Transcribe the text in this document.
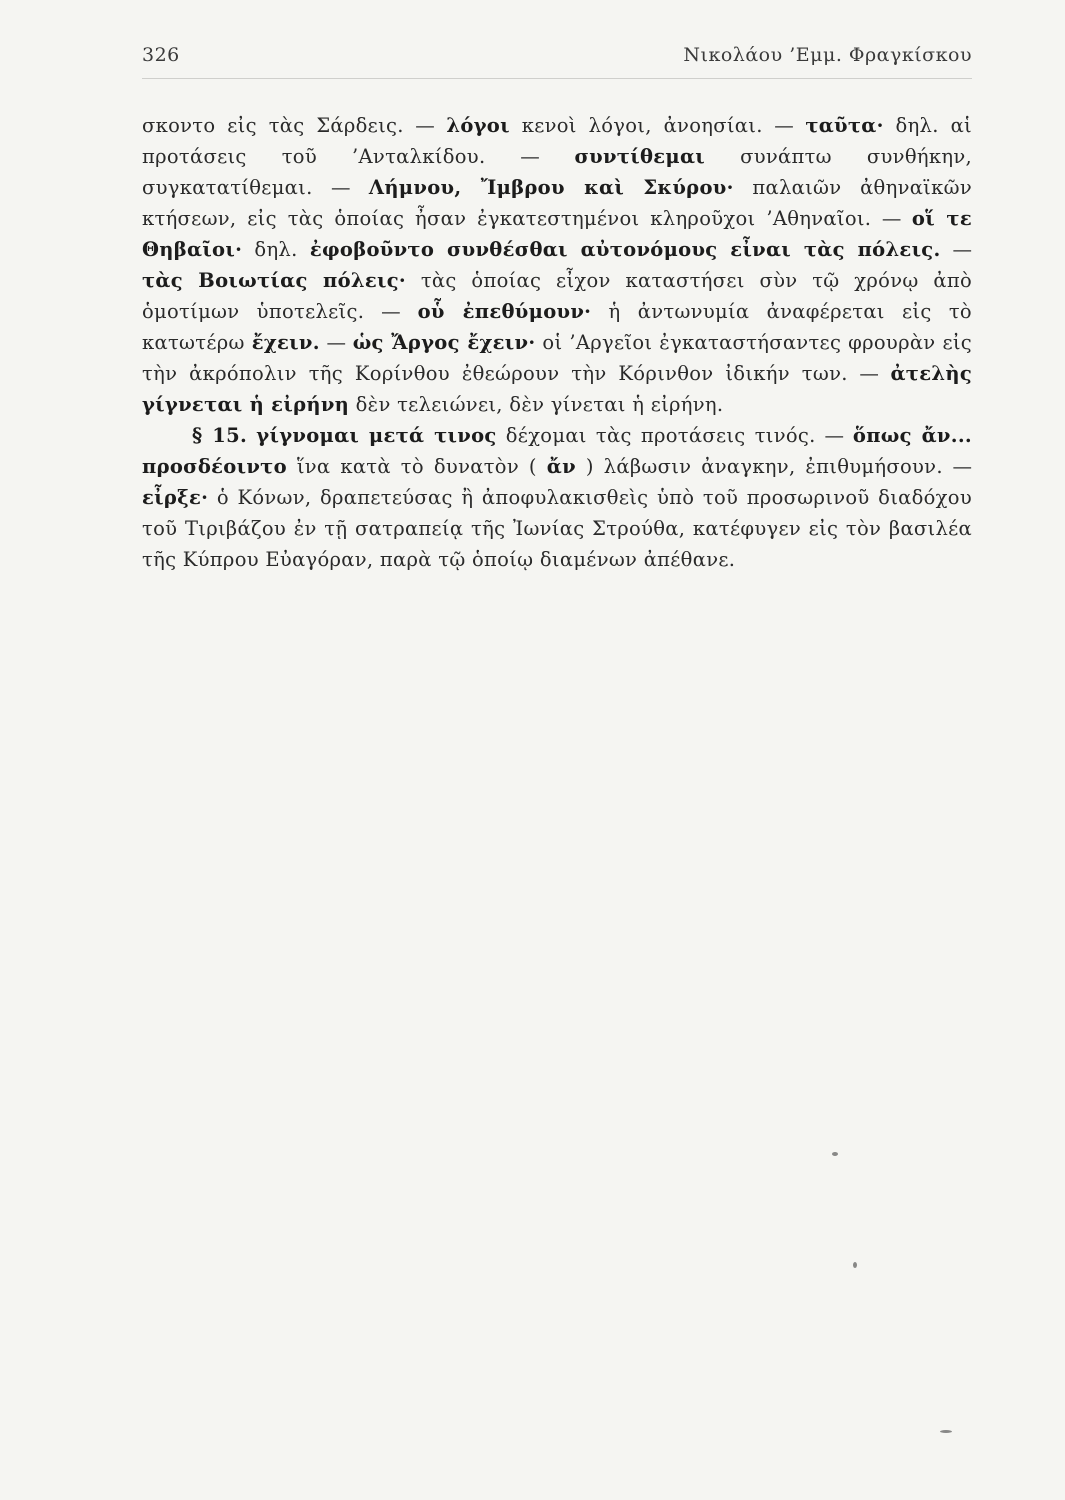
326	Νικολάου ’Εμμ. Φραγκίσκου

σκοντο εἰς τὰς Σάρδεις. — λόγοι κενοὶ λόγοι, ἀνοησίαι. — ταῦτα· δηλ. αἱ προτάσεις τοῦ ’Ανταλκίδου. — συντίθεμαι συνάπτω συνθήκην, συγκατατίθεμαι. — Λήμνου, Ἴμβρου καὶ Σκύρου· παλαιῶν ἀθηναϊκῶν κτήσεων, εἰς τὰς ὁποίας ἦσαν ἐγκατεστημένοι κληροῦχοι ’Αθηναῖοι. — οἵ τε Θηβαῖοι· δηλ. ἐφοβοῦντο συνθέσθαι αὐτονόμους εἶναι τὰς πόλεις. — τὰς Βοιωτίας πόλεις· τὰς ὁποίας εἶχον καταστήσει σὺν τῷ χρόνῳ ἀπὸ ὁμοτίμων ὑποτελεῖς. — οὗ ἐπεθύμουν· ἡ ἀντωνυμία ἀναφέρεται εἰς τὸ κατωτέρω ἔχειν. — ὡς Ἄργος ἔχειν· οἱ ’Αργεῖοι ἐγκαταστήσαντες φρουρὰν εἰς τὴν ἀκρόπολιν τῆς Κορίνθου ἐθεώρουν τὴν Κόρινθον ἰδικήν των. — ἀτελὴς γίγνεται ἡ εἰρήνη δὲν τελειώνει, δὲν γίνεται ἡ εἰρήνη.

§ 15. γίγνομαι μετά τινος δέχομαι τὰς προτάσεις τινός. — ὅπως ἄν... προσδέοιντο ἵνα κατὰ τὸ δυνατὸν ( ἄν ) λάβωσιν ἀναγκην, ἐπιθυμήσουν. — εἶρξε· ὁ Κόνων, δραπετεύσας ἢ ἀποφυλακισθεὶς ὑπὸ τοῦ προσωρινοῦ διαδόχου τοῦ Τιριβάζου ἐν τῇ σατραπείᾳ τῆς Ἰωνίας Στρούθα, κατέφυγεν εἰς τὸν βασιλέα τῆς Κύπρου Εὐαγόραν, παρὰ τῷ ὁποίῳ διαμένων ἀπέθανε.
